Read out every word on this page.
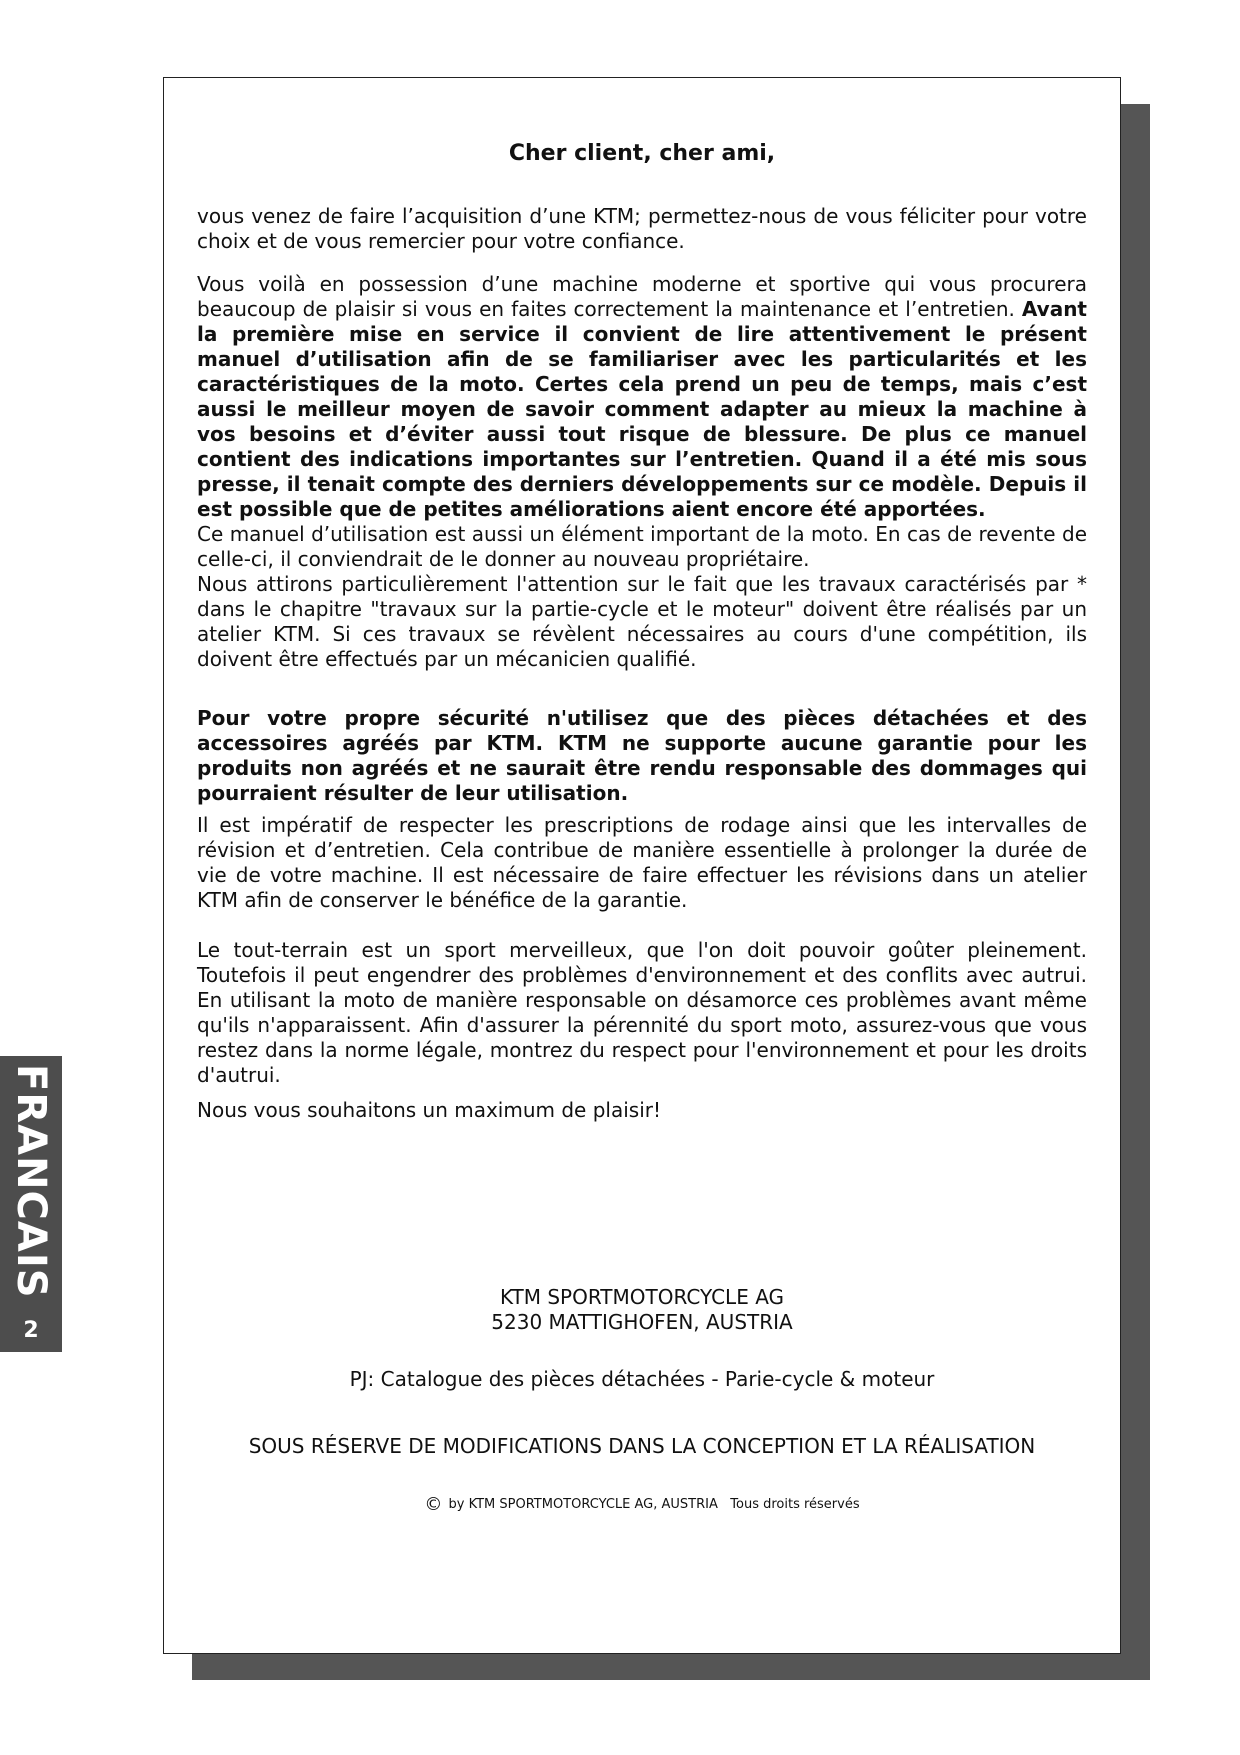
Cher client, cher ami,

vous venez de faire l’acquisition d’une KTM; permettez-nous de vous féliciter pour votre choix et de vous remercier pour votre confiance.

Vous voilà en possession d’une machine moderne et sportive qui vous procurera beaucoup de plaisir si vous en faites correctement la maintenance et l’entretien. Avant la première mise en service il convient de lire attentivement le présent manuel d’utilisation afin de se familiariser avec les particularités et les caractéristiques de la moto. Certes cela prend un peu de temps, mais c’est aussi le meilleur moyen de savoir comment adapter au mieux la machine à vos besoins et d’éviter aussi tout risque de blessure. De plus ce manuel contient des indications importantes sur l’entretien. Quand il a été mis sous presse, il tenait compte des derniers développements sur ce modèle. Depuis il est possible que de petites améliorations aient encore été apportées.
Ce manuel d’utilisation est aussi un élément important de la moto. En cas de revente de celle-ci, il conviendrait de le donner au nouveau propriétaire.

Nous attirons particulièrement l'attention sur le fait que les travaux caractérisés par * dans le chapitre "travaux sur la partie-cycle et le moteur" doivent être réalisés par un atelier KTM. Si ces travaux se révèlent nécessaires au cours d'une compétition, ils doivent être effectués par un mécanicien qualifié.

Pour votre propre sécurité n'utilisez que des pièces détachées et des accessoires agréés par KTM. KTM ne supporte aucune garantie pour les produits non agréés et ne saurait être rendu responsable des dommages qui pourraient résulter de leur utilisation.

Il est impératif de respecter les prescriptions de rodage ainsi que les intervalles de révision et d’entretien. Cela contribue de manière essentielle à prolonger la durée de vie de votre machine. Il est nécessaire de faire effectuer les révisions dans un atelier KTM afin de conserver le bénéfice de la garantie.

Le tout-terrain est un sport merveilleux, que l'on doit pouvoir goûter pleinement. Toutefois il peut engendrer des problèmes d'environnement et des conflits avec autrui. En utilisant la moto de manière responsable on désamorce ces problèmes avant même qu'ils n'apparaissent. Afin d'assurer la pérennité du sport moto, assurez-vous que vous restez dans la norme légale, montrez du respect pour l'environnement et pour les droits d'autrui.

Nous vous souhaitons un maximum de plaisir!

KTM SPORTMOTORCYCLE AG
5230 MATTIGHOFEN, AUSTRIA
PJ: Catalogue des pièces détachées - Parie-cycle & moteur
SOUS RÉSERVE DE MODIFICATIONS DANS LA CONCEPTION ET LA RÉALISATION
© by KTM SPORTMOTORCYCLE AG, AUSTRIA Tous droits réservés
FRANCAIS
2
